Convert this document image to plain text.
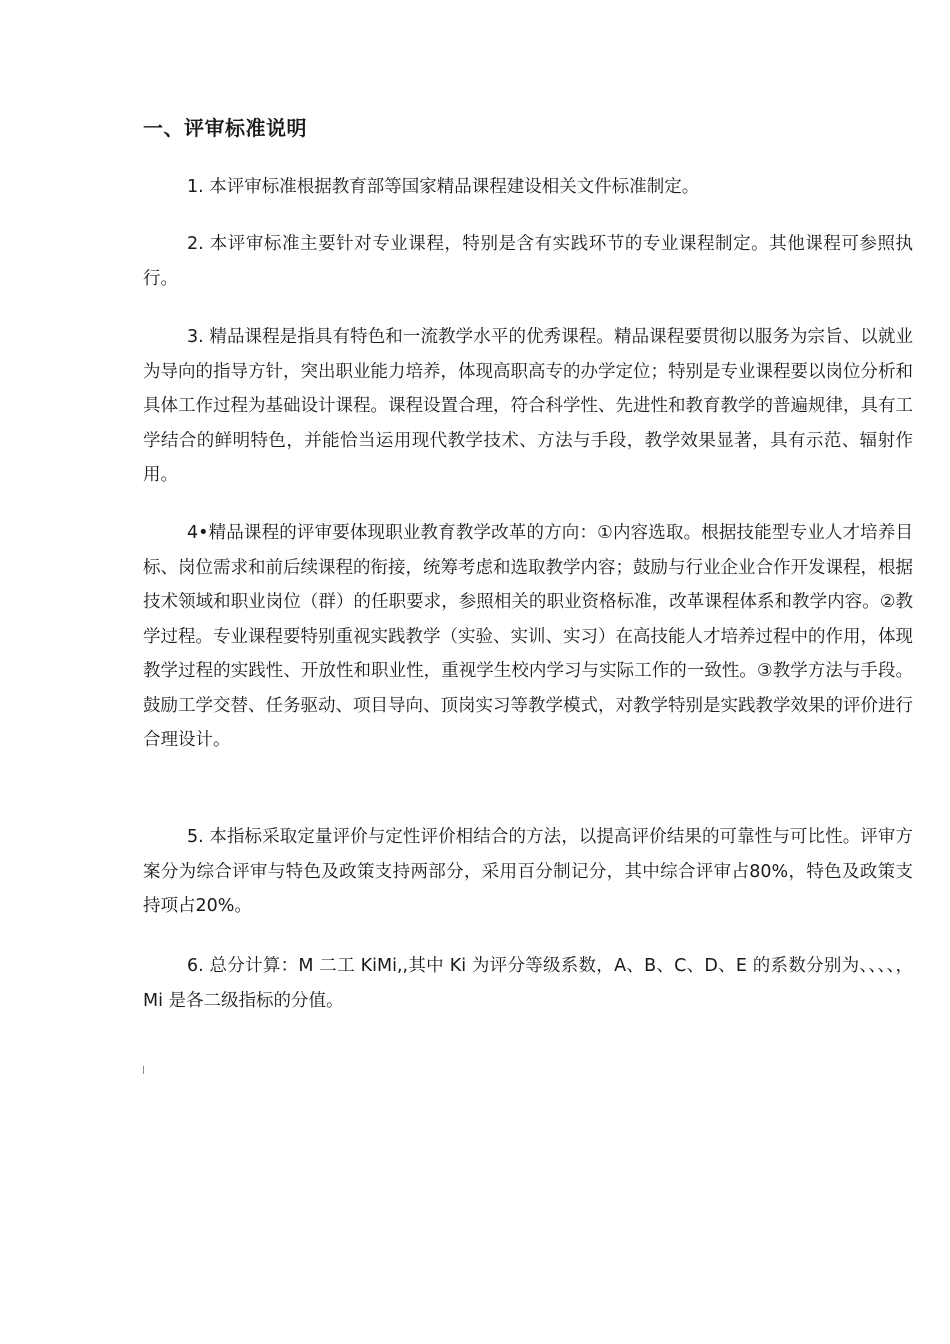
一、评审标准说明

1. 本评审标准根据教育部等国家精品课程建设相关文件标准制定。

2. 本评审标准主要针对专业课程，特别是含有实践环节的专业课程制定。其他课程可参照执行。

3. 精品课程是指具有特色和一流教学水平的优秀课程。精品课程要贯彻以服务为宗旨、以就业为导向的指导方针，突出职业能力培养，体现高职高专的办学定位；特别是专业课程要以岗位分析和具体工作过程为基础设计课程。课程设置合理，符合科学性、先进性和教育教学的普遍规律，具有工学结合的鲜明特色，并能恰当运用现代教学技术、方法与手段，教学效果显著，具有示范、辐射作用。

4•精品课程的评审要体现职业教育教学改革的方向：①内容选取。根据技能型专业人才培养目标、岗位需求和前后续课程的衔接，统筹考虑和选取教学内容；鼓励与行业企业合作开发课程，根据技术领域和职业岗位（群）的任职要求，参照相关的职业资格标准，改革课程体系和教学内容。②教学过程。专业课程要特别重视实践教学（实验、实训、实习）在高技能人才培养过程中的作用，体现教学过程的实践性、开放性和职业性，重视学生校内学习与实际工作的一致性。③教学方法与手段。鼓励工学交替、任务驱动、项目导向、顶岗实习等教学模式，对教学特别是实践教学效果的评价进行合理设计。

5. 本指标采取定量评价与定性评价相结合的方法，以提高评价结果的可靠性与可比性。评审方案分为综合评审与特色及政策支持两部分，采用百分制记分，其中综合评审占80%，特色及政策支持项占20%。

6. 总分计算：M 二工 KiMi,,其中 Ki 为评分等级系数，A、B、C、D、E 的系数分别为、、、、，Mi 是各二级指标的分值。
